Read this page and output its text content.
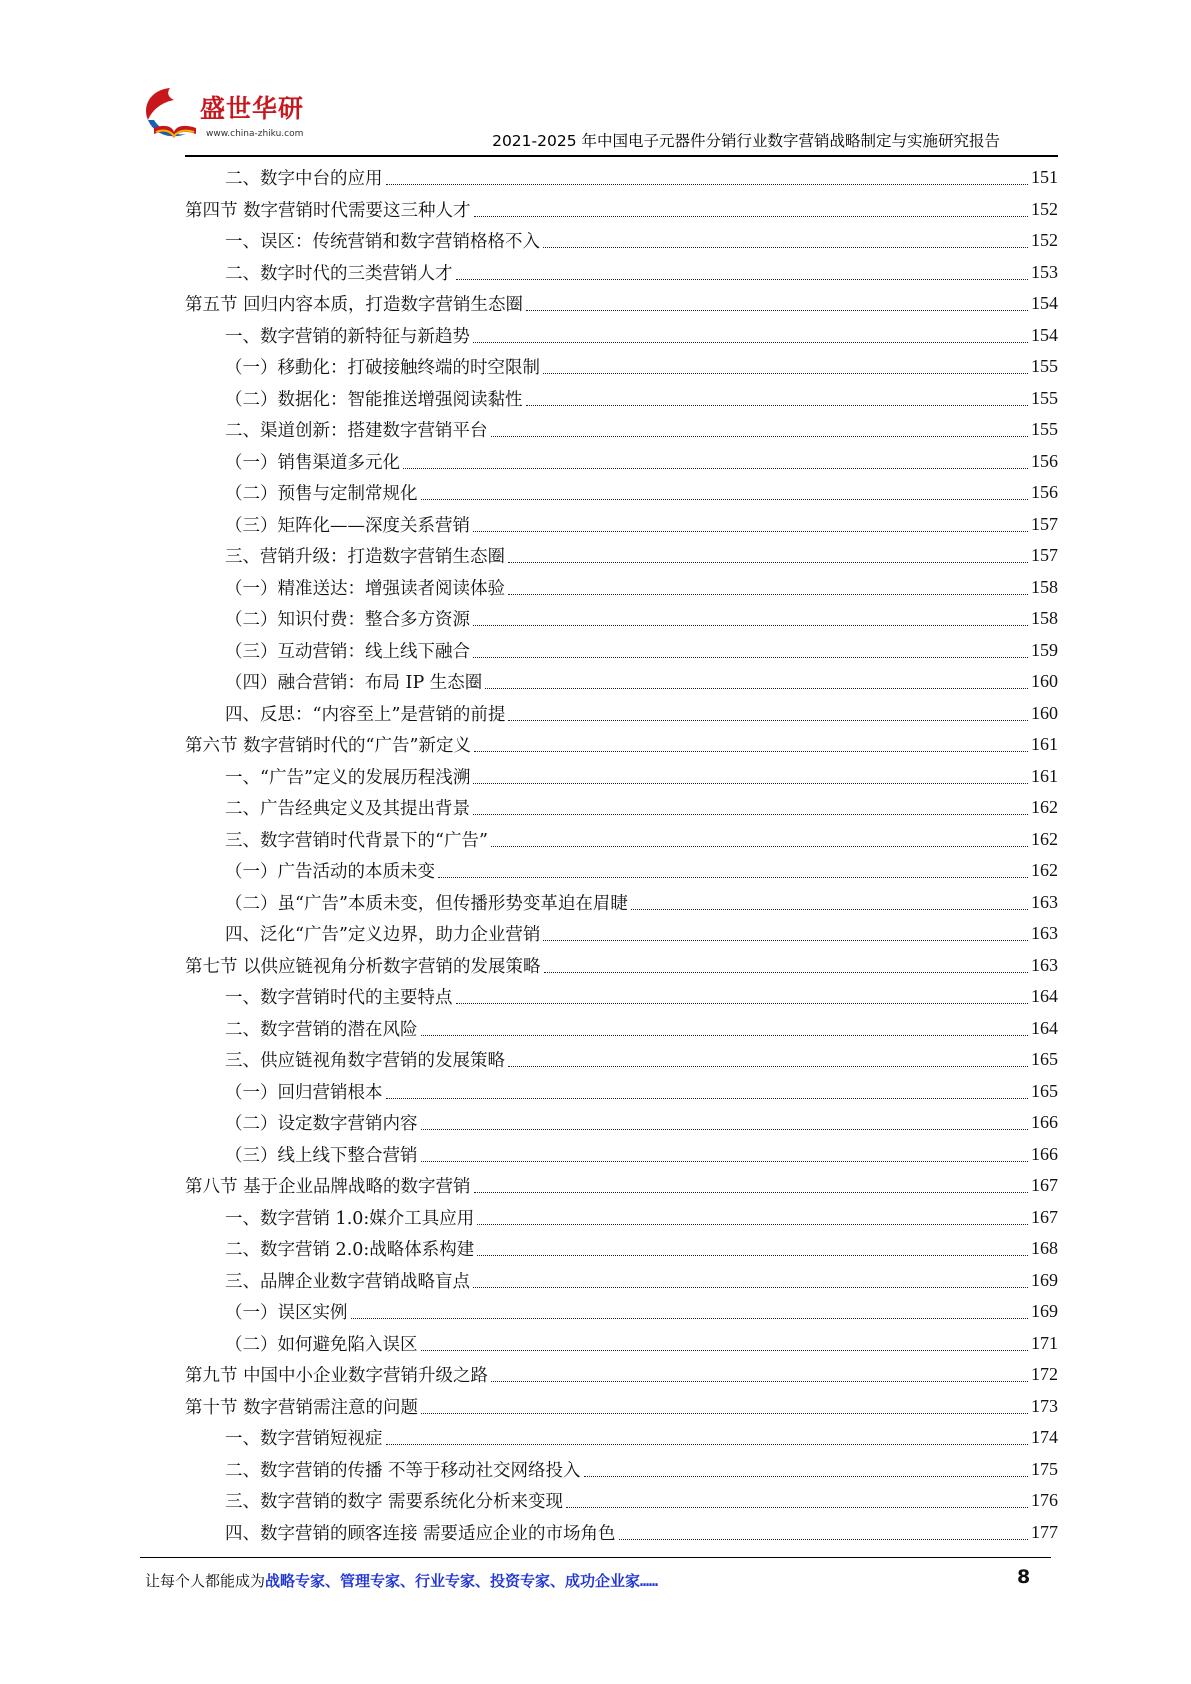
盛世华研
www.china-zhiku.com	2021-2025 年中国电子元器件分销行业数字营销战略制定与实施研究报告
二、数字中台的应用	151
第四节 数字营销时代需要这三种人才	152
一、误区：传统营销和数字营销格格不入	152
二、数字时代的三类营销人才	153
第五节 回归内容本质，打造数字营销生态圈	154
一、数字营销的新特征与新趋势	154
（一）移動化：打破接触终端的时空限制	155
（二）数据化：智能推送增强阅读黏性	155
二、渠道创新：搭建数字营销平台	155
（一）销售渠道多元化	156
（二）预售与定制常规化	156
（三）矩阵化——深度关系营销	157
三、营销升级：打造数字营销生态圈	157
（一）精准送达：增强读者阅读体验	158
（二）知识付费：整合多方资源	158
（三）互动营销：线上线下融合	159
（四）融合营销：布局 IP 生态圈	160
四、反思：“内容至上”是营销的前提	160
第六节 数字营销时代的“广告”新定义	161
一、“广告”定义的发展历程浅溯	161
二、广告经典定义及其提出背景	162
三、数字营销时代背景下的“广告”	162
（一）广告活动的本质未变	162
（二）虽“广告”本质未变，但传播形势变革迫在眉睫	163
四、泛化“广告”定义边界，助力企业营销	163
第七节 以供应链视角分析数字营销的发展策略	163
一、数字营销时代的主要特点	164
二、数字营销的潜在风险	164
三、供应链视角数字营销的发展策略	165
（一）回归营销根本	165
（二）设定数字营销内容	166
（三）线上线下整合营销	166
第八节 基于企业品牌战略的数字营销	167
一、数字营销 1.0:媒介工具应用	167
二、数字营销 2.0:战略体系构建	168
三、品牌企业数字营销战略盲点	169
（一）误区实例	169
（二）如何避免陷入误区	171
第九节 中国中小企业数字营销升级之路	172
第十节 数字营销需注意的问题	173
一、数字营销短视症	174
二、数字营销的传播 不等于移动社交网络投入	175
三、数字营销的数字 需要系统化分析来变现	176
四、数字营销的顾客连接 需要适应企业的市场角色	177
让每个人都能成为战略专家、管理专家、行业专家、投资专家、成功企业家……	8
